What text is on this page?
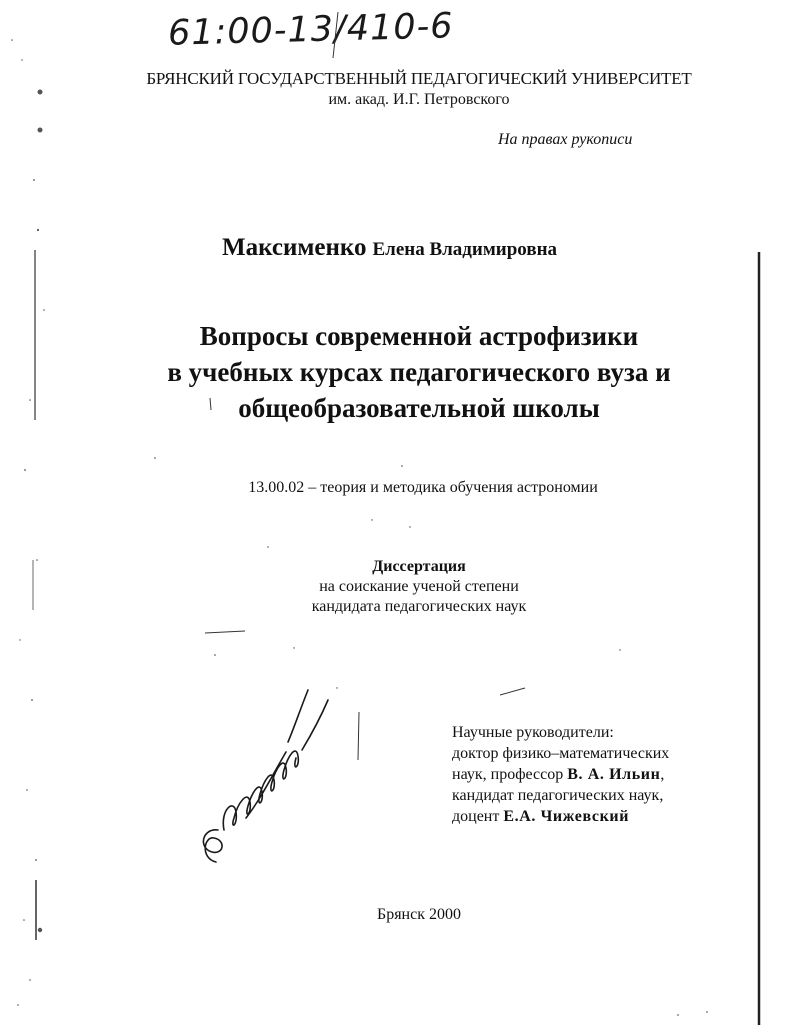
61:00-13/410-6
БРЯНСКИЙ ГОСУДАРСТВЕННЫЙ ПЕДАГОГИЧЕСКИЙ УНИВЕРСИТЕТ
им. акад. И.Г. Петровского
На правах рукописи
Максименко Елена Владимировна
Вопросы современной астрофизики
в учебных курсах педагогического вуза и
общеобразовательной школы
13.00.02 – теория и методика обучения астрономии
Диссертация
на соискание ученой степени
кандидата педагогических наук
Научные руководители:
доктор физико–математических
наук, профессор В. А. Ильин,
кандидат педагогических наук,
доцент Е.А. Чижевский
Брянск 2000
